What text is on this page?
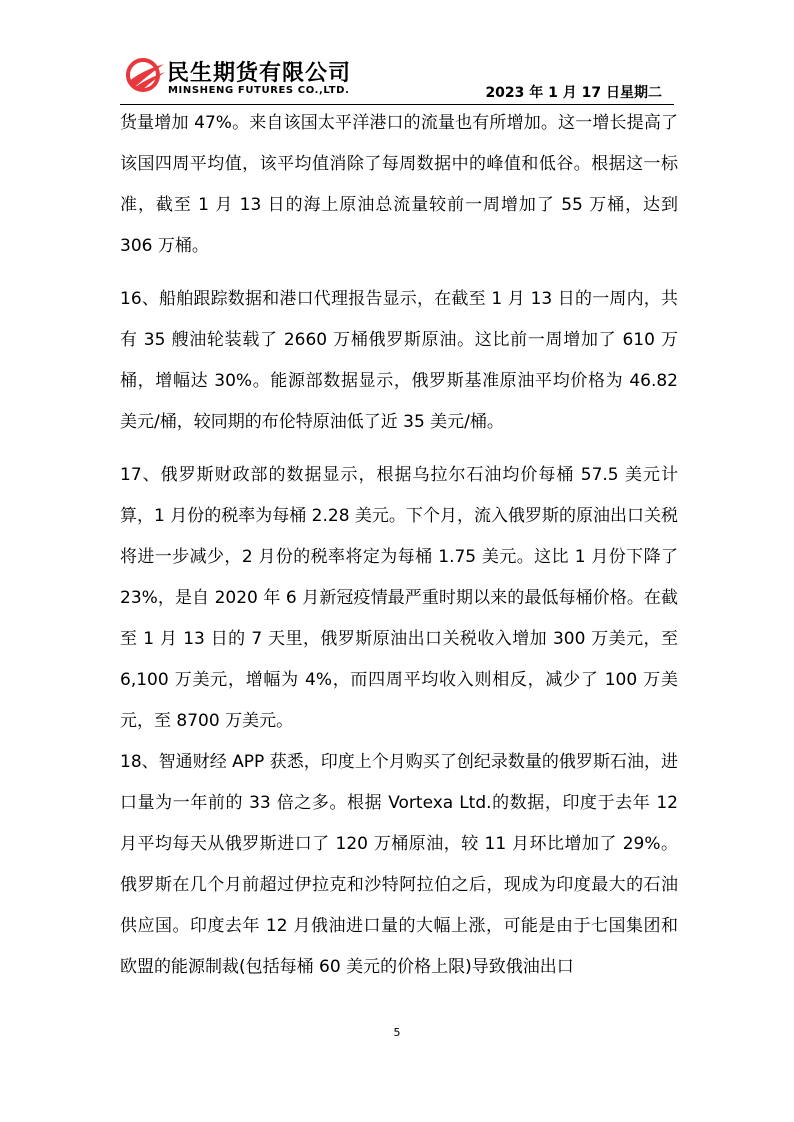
民生期货有限公司
MINSHENG FUTURES CO.,LTD.	2023 年 1 月 17 日星期二

货量增加 47%。来自该国太平洋港口的流量也有所增加。这一增长提高了该国四周平均值，该平均值消除了每周数据中的峰值和低谷。根据这一标准，截至 1 月 13 日的海上原油总流量较前一周增加了 55 万桶，达到 306 万桶。

16、船舶跟踪数据和港口代理报告显示，在截至 1 月 13 日的一周内，共有 35 艘油轮装载了 2660 万桶俄罗斯原油。这比前一周增加了 610 万桶，增幅达 30%。能源部数据显示，俄罗斯基准原油平均价格为 46.82 美元/桶，较同期的布伦特原油低了近 35 美元/桶。

17、俄罗斯财政部的数据显示，根据乌拉尔石油均价每桶 57.5 美元计算，1 月份的税率为每桶 2.28 美元。下个月，流入俄罗斯的原油出口关税将进一步减少，2 月份的税率将定为每桶 1.75 美元。这比 1 月份下降了 23%，是自 2020 年 6 月新冠疫情最严重时期以来的最低每桶价格。在截至 1 月 13 日的 7 天里，俄罗斯原油出口关税收入增加 300 万美元，至 6,100 万美元，增幅为 4%，而四周平均收入则相反，减少了 100 万美元，至 8700 万美元。

18、智通财经 APP 获悉，印度上个月购买了创纪录数量的俄罗斯石油，进口量为一年前的 33 倍之多。根据 Vortexa Ltd.的数据，印度于去年 12 月平均每天从俄罗斯进口了 120 万桶原油，较 11 月环比增加了 29%。俄罗斯在几个月前超过伊拉克和沙特阿拉伯之后，现成为印度最大的石油供应国。印度去年 12 月俄油进口量的大幅上涨，可能是由于七国集团和欧盟的能源制裁(包括每桶 60 美元的价格上限)导致俄油出口

5
